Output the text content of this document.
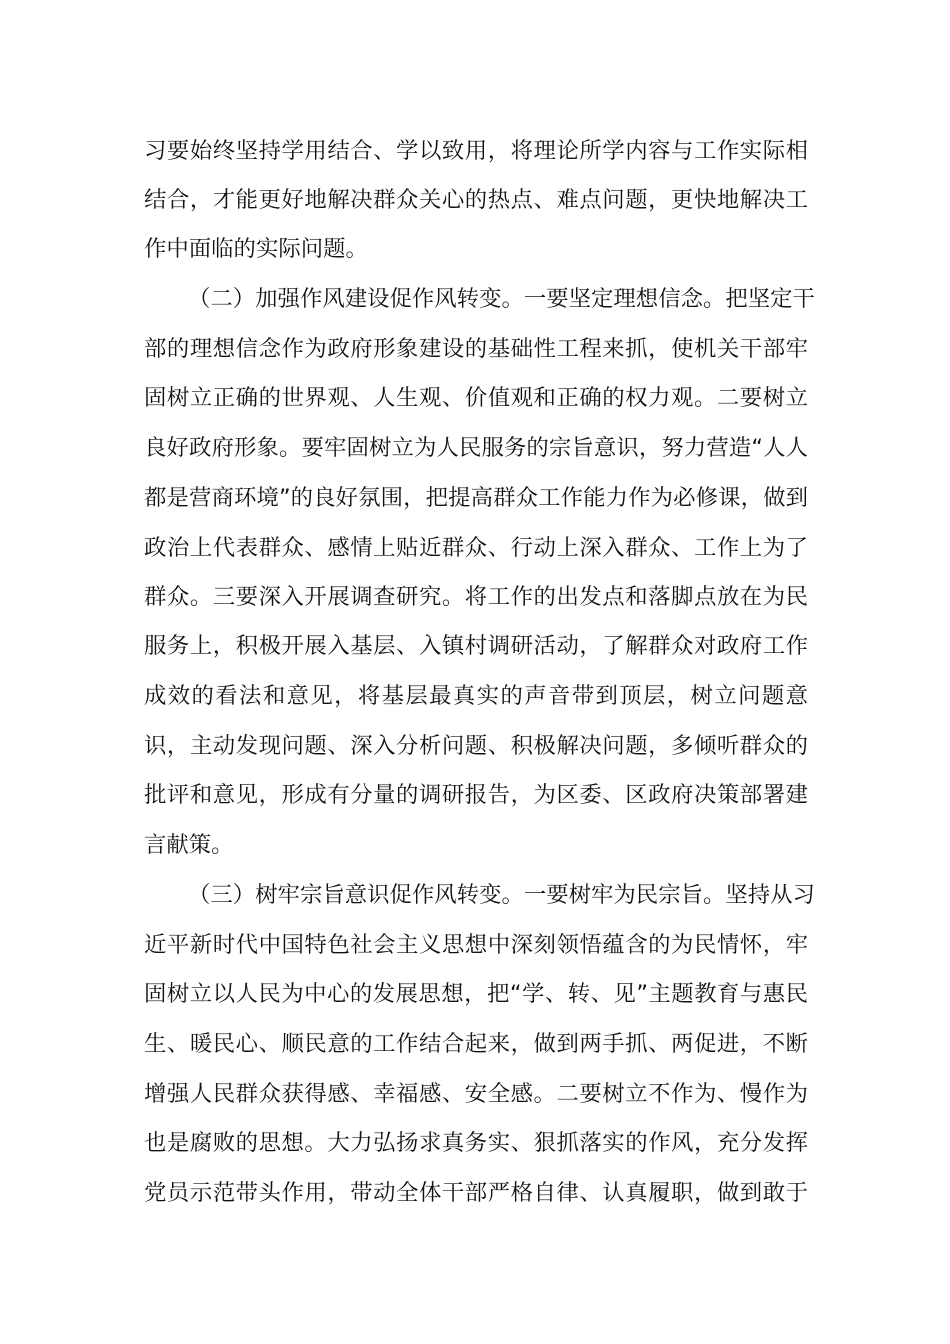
习要始终坚持学用结合、学以致用，将理论所学内容与工作实际相
结合，才能更好地解决群众关心的热点、难点问题，更快地解决工
作中面临的实际问题。
（二）加强作风建设促作风转变。一要坚定理想信念。把坚定干
部的理想信念作为政府形象建设的基础性工程来抓，使机关干部牢
固树立正确的世界观、人生观、价值观和正确的权力观。二要树立
良好政府形象。要牢固树立为人民服务的宗旨意识，努力营造“人人
都是营商环境”的良好氛围，把提高群众工作能力作为必修课，做到
政治上代表群众、感情上贴近群众、行动上深入群众、工作上为了
群众。三要深入开展调查研究。将工作的出发点和落脚点放在为民
服务上，积极开展入基层、入镇村调研活动，了解群众对政府工作
成效的看法和意见，将基层最真实的声音带到顶层，树立问题意
识，主动发现问题、深入分析问题、积极解决问题，多倾听群众的
批评和意见，形成有分量的调研报告，为区委、区政府决策部署建
言献策。
（三）树牢宗旨意识促作风转变。一要树牢为民宗旨。坚持从习
近平新时代中国特色社会主义思想中深刻领悟蕴含的为民情怀，牢
固树立以人民为中心的发展思想，把“学、转、见”主题教育与惠民
生、暖民心、顺民意的工作结合起来，做到两手抓、两促进，不断
增强人民群众获得感、幸福感、安全感。二要树立不作为、慢作为
也是腐败的思想。大力弘扬求真务实、狠抓落实的作风，充分发挥
党员示范带头作用，带动全体干部严格自律、认真履职，做到敢于
